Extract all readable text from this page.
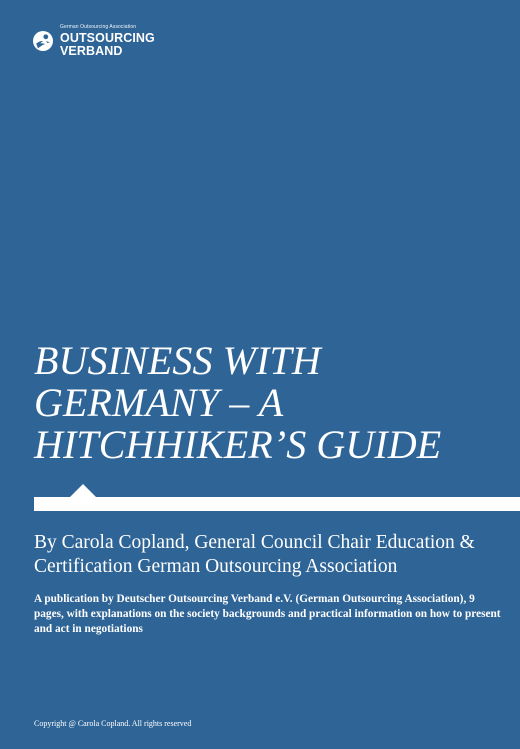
German Outsourcing Association
OUTSOURCING
VERBAND
BUSINESS WITH
GERMANY – A
HITCHHIKER’S GUIDE

By Carola Copland, General Council Chair Education & Certification German Outsourcing Association

A publication by Deutscher Outsourcing Verband e.V. (German Outsourcing Association), 9 pages, with explanations on the society backgrounds and practical information on how to present and act in negotiations

Copyright @ Carola Copland. All rights reserved
